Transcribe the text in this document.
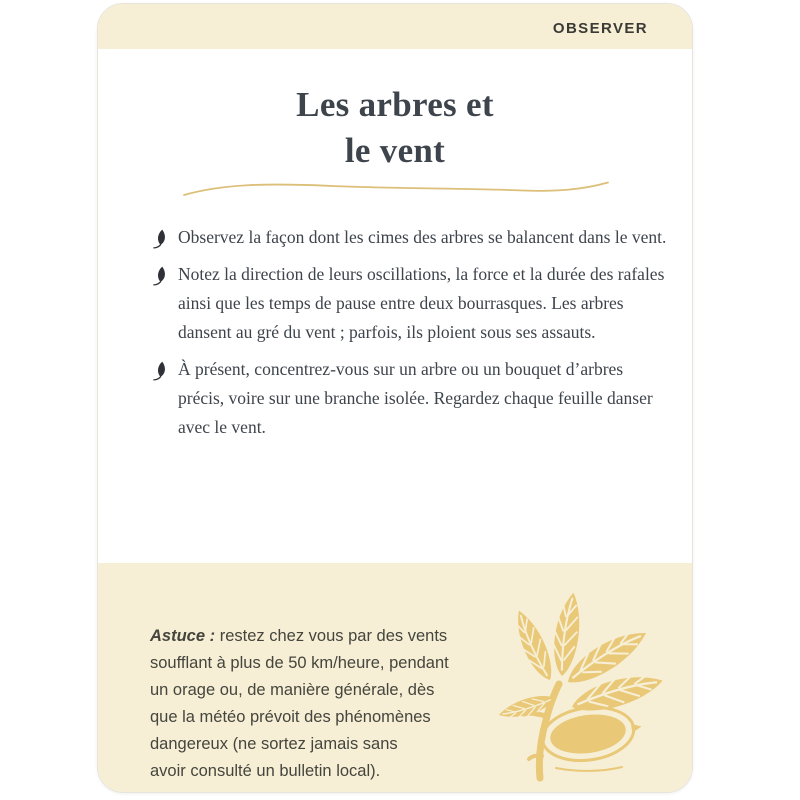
OBSERVER
Les arbres et
le vent

Observez la façon dont les cimes des arbres se balancent dans le vent.

Notez la direction de leurs oscillations, la force et la durée des rafales ainsi que les temps de pause entre deux bourrasques. Les arbres dansent au gré du vent ; parfois, ils ploient sous ses assauts.

À présent, concentrez-vous sur un arbre ou un bouquet d’arbres précis, voire sur une branche isolée. Regardez chaque feuille danser avec le vent.

Astuce : restez chez vous par des vents

soufflant à plus de 50 km/heure, pendant

un orage ou, de manière générale, dès

que la météo prévoit des phénomènes

dangereux (ne sortez jamais sans

avoir consulté un bulletin local).
